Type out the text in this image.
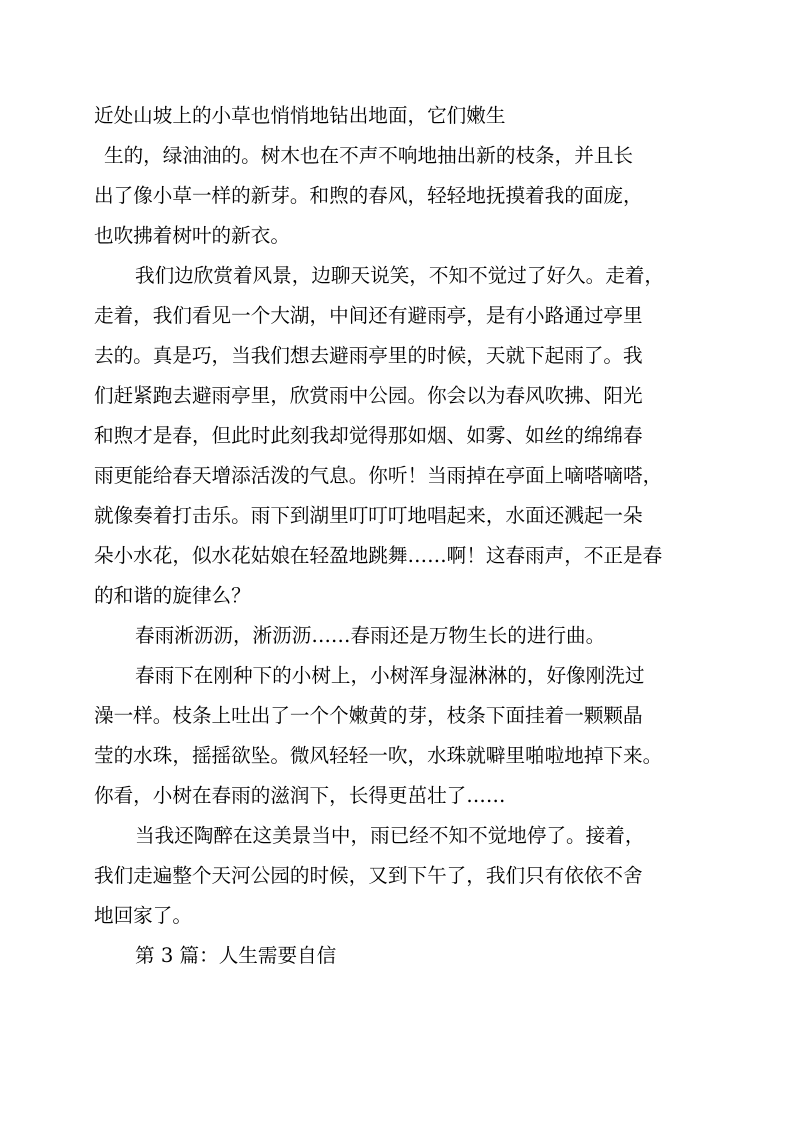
近处山坡上的小草也悄悄地钻出地面，它们嫩生
生的，绿油油的。树木也在不声不响地抽出新的枝条，并且长
出了像小草一样的新芽。和煦的春风，轻轻地抚摸着我的面庞，
也吹拂着树叶的新衣。
我们边欣赏着风景，边聊天说笑，不知不觉过了好久。走着，
走着，我们看见一个大湖，中间还有避雨亭，是有小路通过亭里
去的。真是巧，当我们想去避雨亭里的时候，天就下起雨了。我
们赶紧跑去避雨亭里，欣赏雨中公园。你会以为春风吹拂、阳光
和煦才是春，但此时此刻我却觉得那如烟、如雾、如丝的绵绵春
雨更能给春天增添活泼的气息。你听！当雨掉在亭面上嘀嗒嘀嗒，
就像奏着打击乐。雨下到湖里叮叮叮地唱起来，水面还溅起一朵
朵小水花，似水花姑娘在轻盈地跳舞……啊！这春雨声，不正是春
的和谐的旋律么？
春雨淅沥沥，淅沥沥……春雨还是万物生长的进行曲。
春雨下在刚种下的小树上，小树浑身湿淋淋的，好像刚洗过
澡一样。枝条上吐出了一个个嫩黄的芽，枝条下面挂着一颗颗晶
莹的水珠，摇摇欲坠。微风轻轻一吹，水珠就噼里啪啦地掉下来。
你看，小树在春雨的滋润下，长得更茁壮了……
当我还陶醉在这美景当中，雨已经不知不觉地停了。接着，
我们走遍整个天河公园的时候，又到下午了，我们只有依依不舍
地回家了。
第 3 篇：人生需要自信
